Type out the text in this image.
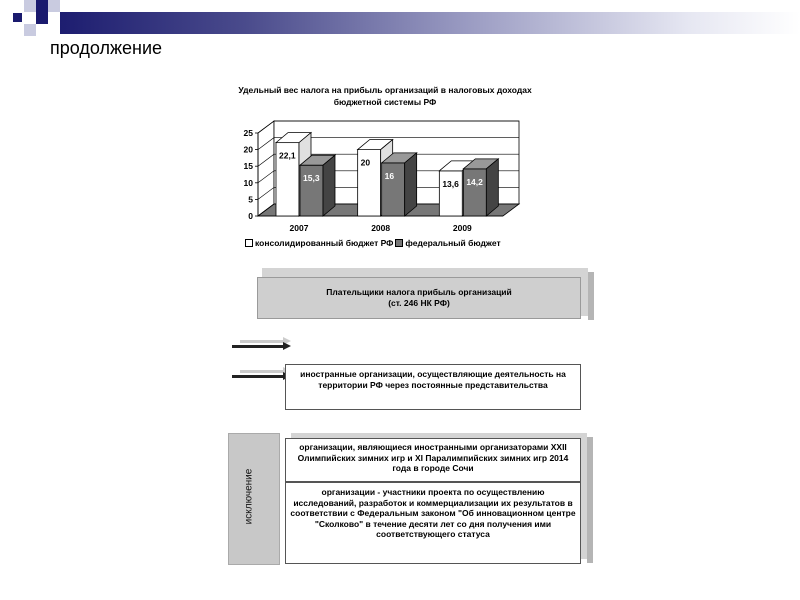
продолжение
Удельный вес налога на прибыль организаций в налоговых доходах бюджетной системы РФ
0
5
10
15
20
25
22,1
15,3
2007
20
16
2008
13,6 14,2
2009
консолидированный бюджет РФ федеральный бюджет
Плательщики налога прибыль организаций
(ст. 246 НК РФ)
иностранные организации, осуществляющие деятельность на территории РФ через постоянные представительства
исключение
организации, являющиеся иностранными организаторами XXII Олимпийских зимних игр и XI Паралимпийских зимних игр 2014 года в городе Сочи
организации - участники проекта по осуществлению исследований, разработок и коммерциализации их результатов в соответствии с Федеральным законом "Об инновационном центре "Сколково" в течение десяти лет со дня получения ими соответствующего статуса
